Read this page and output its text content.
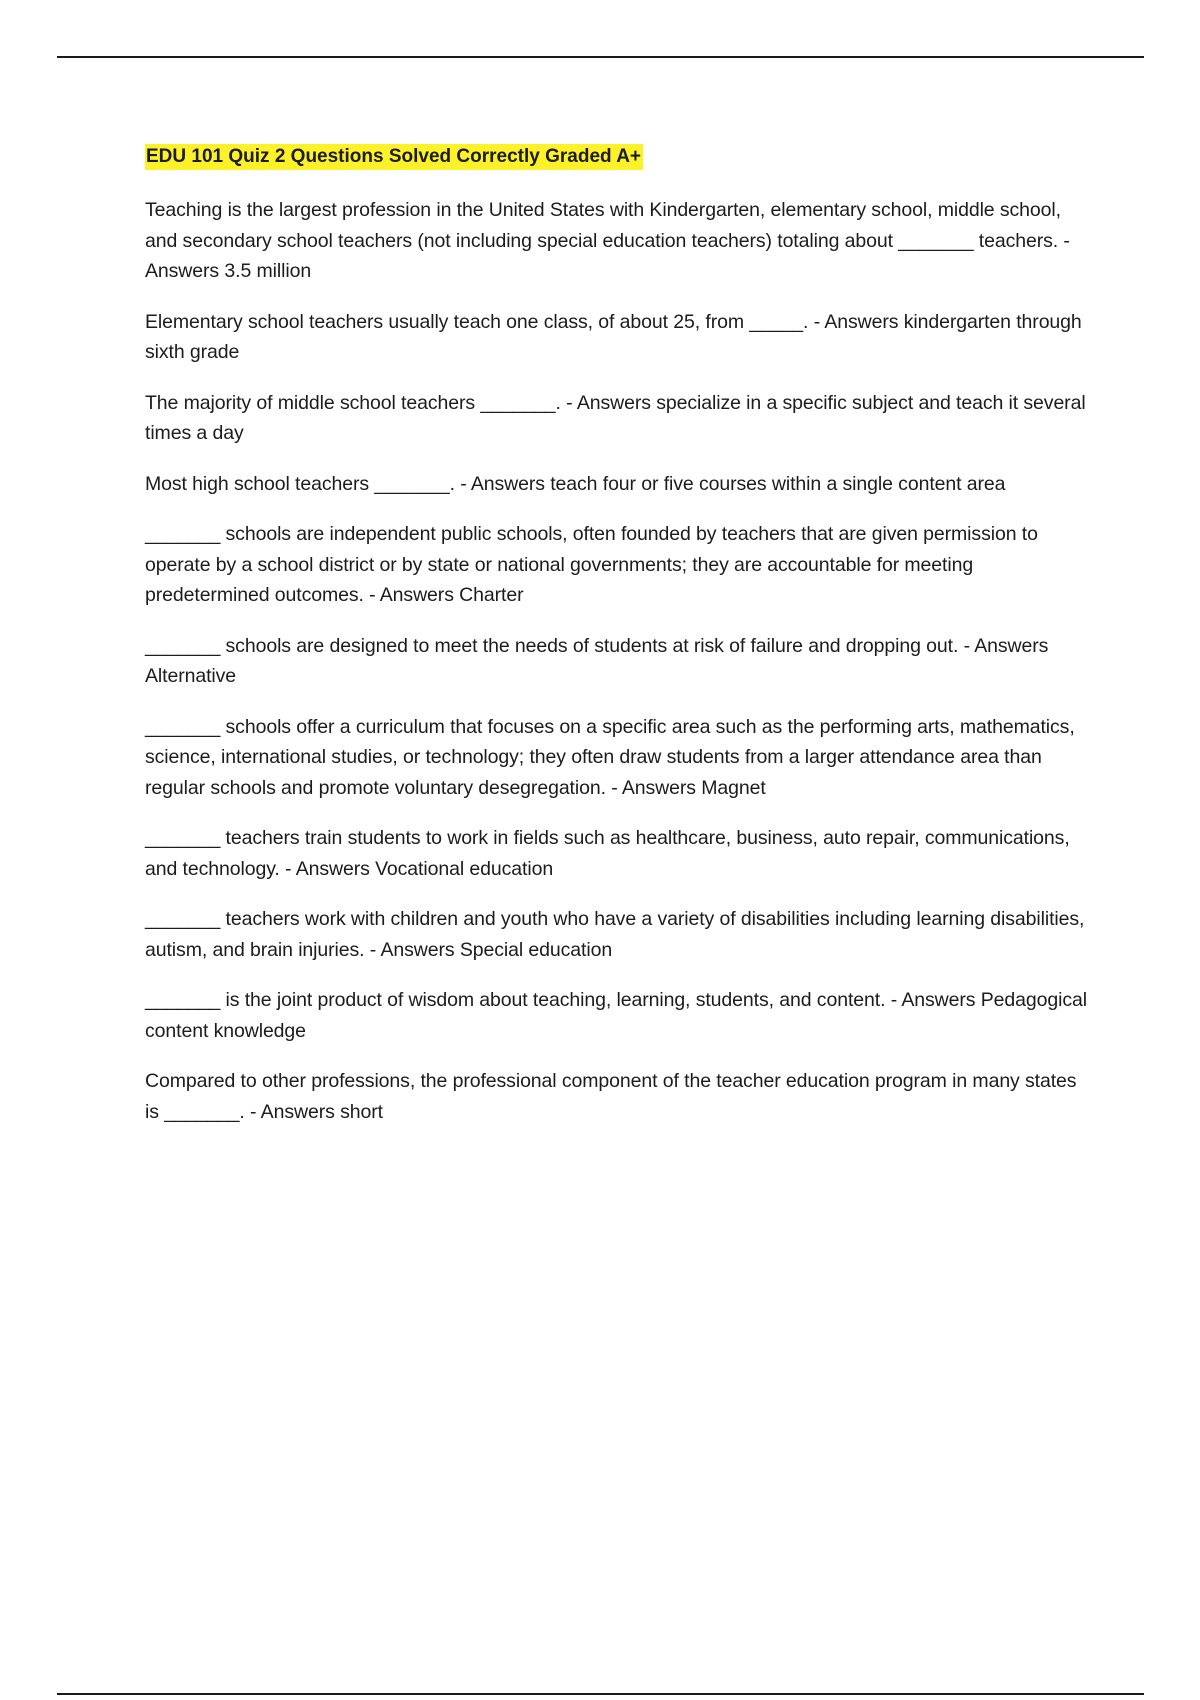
EDU 101 Quiz 2 Questions Solved Correctly Graded A+

Teaching is the largest profession in the United States with Kindergarten, elementary school, middle school, and secondary school teachers (not including special education teachers) totaling about _______ teachers. - Answers 3.5 million

Elementary school teachers usually teach one class, of about 25, from _____. - Answers kindergarten through sixth grade

The majority of middle school teachers _______. - Answers specialize in a specific subject and teach it several times a day

Most high school teachers _______. - Answers teach four or five courses within a single content area

_______ schools are independent public schools, often founded by teachers that are given permission to operate by a school district or by state or national governments; they are accountable for meeting predetermined outcomes. - Answers Charter

_______ schools are designed to meet the needs of students at risk of failure and dropping out. - Answers Alternative

_______ schools offer a curriculum that focuses on a specific area such as the performing arts, mathematics, science, international studies, or technology; they often draw students from a larger attendance area than regular schools and promote voluntary desegregation. - Answers Magnet

_______ teachers train students to work in fields such as healthcare, business, auto repair, communications, and technology. - Answers Vocational education

_______ teachers work with children and youth who have a variety of disabilities including learning disabilities, autism, and brain injuries. - Answers Special education

_______ is the joint product of wisdom about teaching, learning, students, and content. - Answers Pedagogical content knowledge

Compared to other professions, the professional component of the teacher education program in many states is _______. - Answers short
